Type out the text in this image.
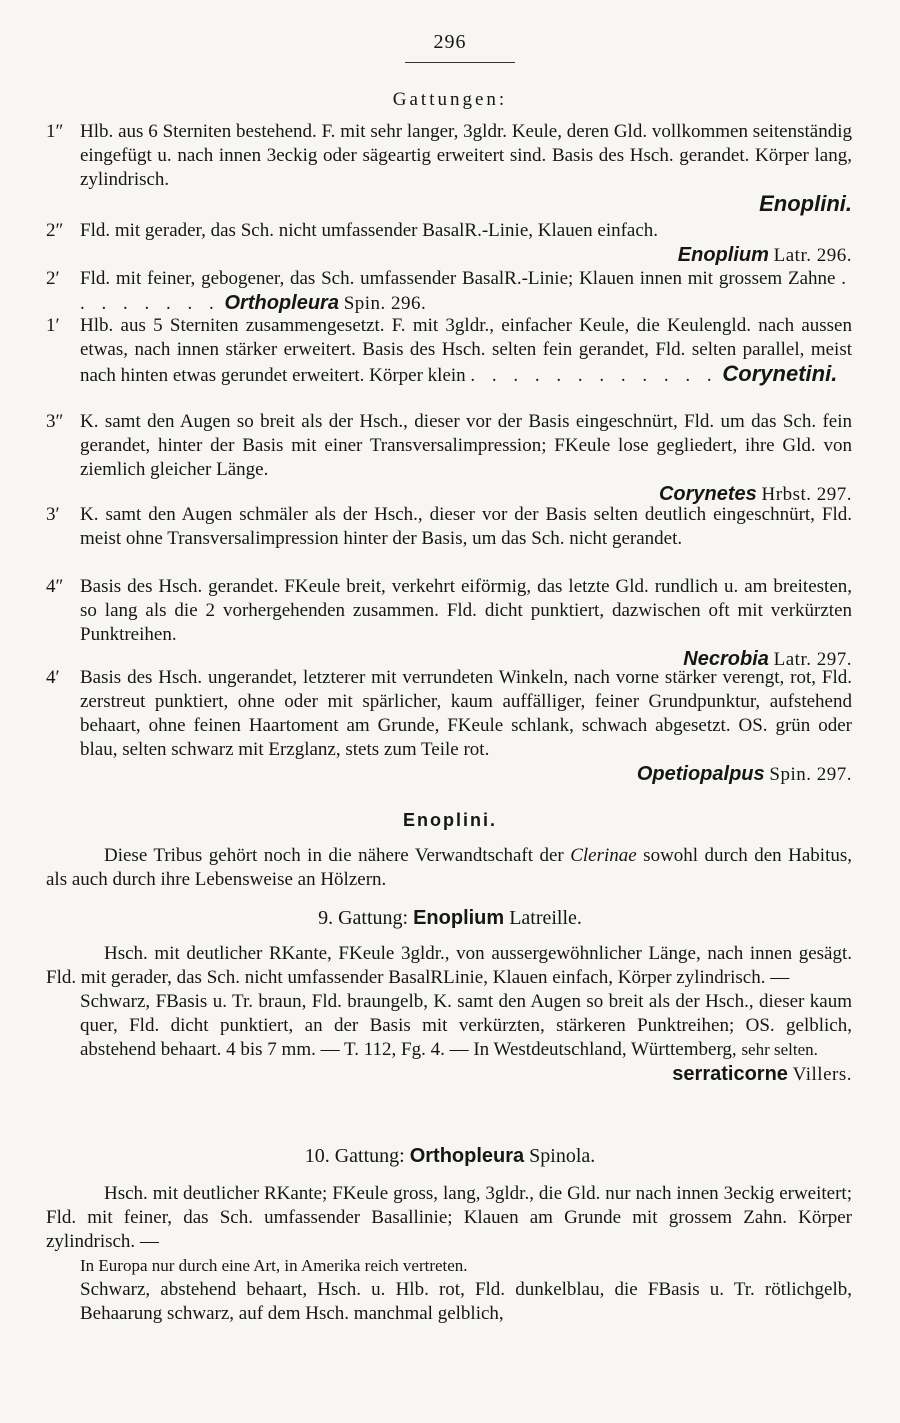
296
Gattungen:
1″ Hlb. aus 6 Sterniten bestehend. F. mit sehr langer, 3gldr. Keule, deren Gld. vollkommen seitenständig eingefügt u. nach innen 3eckig oder sägeartig erweitert sind. Basis des Hsch. gerandet. Körper lang, zylindrisch.

Enoplini.

2″ Fld. mit gerader, das Sch. nicht umfassender BasalR.-Linie, Klauen einfach.

Enoplium Latr. 296.

2′	Fld. mit feiner, gebogener, das Sch. umfassender BasalR.-Linie; Klauen innen mit grossem Zahne . . . . . . . . Orthopleura Spin. 296.

1′	Hlb. aus 5 Sterniten zusammengesetzt. F. mit 3gldr., einfacher Keule, die Keulengld. nach aussen etwas, nach innen stärker erweitert. Basis des Hsch. selten fein gerandet, Fld. selten parallel, meist nach hinten etwas gerundet erweitert. Körper klein . . . . . . . . . . . . Corynetini.

3″ K. samt den Augen so breit als der Hsch., dieser vor der Basis eingeschnürt, Fld. um das Sch. fein gerandet, hinter der Basis mit einer Transversalimpression; FKeule lose gegliedert, ihre Gld. von ziemlich gleicher Länge.

Corynetes Hrbst. 297.

3′	K. samt den Augen schmäler als der Hsch., dieser vor der Basis selten deutlich eingeschnürt, Fld. meist ohne Transversalimpression hinter der Basis, um das Sch. nicht gerandet.

4″ Basis des Hsch. gerandet. FKeule breit, verkehrt eiförmig, das letzte Gld. rundlich u. am breitesten, so lang als die 2 vorhergehenden zusammen. Fld. dicht punktiert, dazwischen oft mit verkürzten Punktreihen.

Necrobia Latr. 297.

4′	Basis des Hsch. ungerandet, letzterer mit verrundeten Winkeln, nach vorne stärker verengt, rot, Fld. zerstreut punktiert, ohne oder mit spärlicher, kaum auffälliger, feiner Grundpunktur, aufstehend behaart, ohne feinen Haartoment am Grunde, FKeule schlank, schwach abgesetzt. OS. grün oder blau, selten schwarz mit Erzglanz, stets zum Teile rot.

Opetiopalpus Spin. 297.

Enoplini.

Diese Tribus gehört noch in die nähere Verwandtschaft der Clerinae sowohl durch den Habitus, als auch durch ihre Lebensweise an Hölzern.

9. Gattung: Enoplium Latreille.

Hsch. mit deutlicher RKante, FKeule 3gldr., von aussergewöhnlicher Länge, nach innen gesägt. Fld. mit gerader, das Sch. nicht umfassender BasalRLinie, Klauen einfach, Körper zylindrisch. —

Schwarz, FBasis u. Tr. braun, Fld. braungelb, K. samt den Augen so breit als der Hsch., dieser kaum quer, Fld. dicht punktiert, an der Basis mit verkürzten, stärkeren Punktreihen; OS. gelblich, abstehend behaart. 4 bis 7 mm. — T. 112, Fg. 4. — In Westdeutschland, Württemberg, sehr selten.

serraticorne Villers.

10. Gattung: Orthopleura Spinola.

Hsch. mit deutlicher RKante; FKeule gross, lang, 3gldr., die Gld. nur nach innen 3eckig erweitert; Fld. mit feiner, das Sch. umfassender Basallinie; Klauen am Grunde mit grossem Zahn. Körper zylindrisch. —

In Europa nur durch eine Art, in Amerika reich vertreten.

Schwarz, abstehend behaart, Hsch. u. Hlb. rot, Fld. dunkelblau, die FBasis u. Tr. rötlichgelb, Behaarung schwarz, auf dem Hsch. manchmal gelblich,
